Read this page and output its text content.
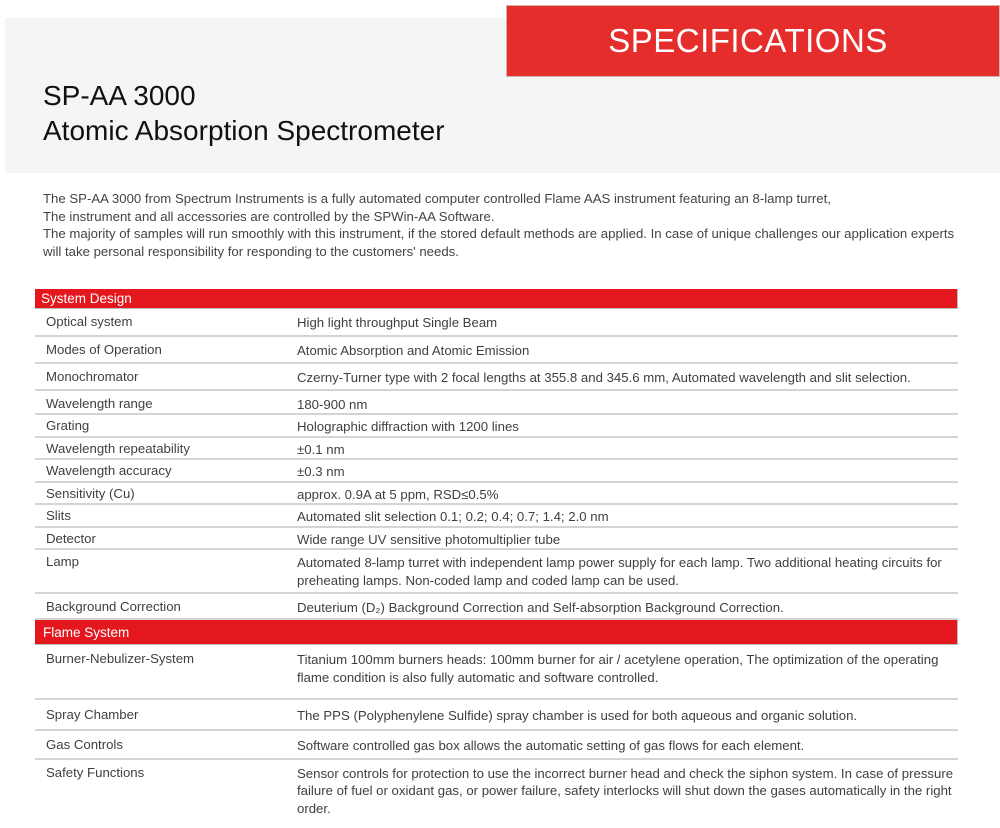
SPECIFICATIONS
SP-AA 3000
Atomic Absorption Spectrometer

The SP-AA 3000 from Spectrum Instruments is a fully automated computer controlled Flame AAS instrument featuring an 8-lamp turret,

The instrument and all accessories are controlled by the SPWin-AA Software.

The majority of samples will run smoothly with this instrument, if the stored default methods are applied. In case of unique challenges our application experts will take personal responsibility for responding to the customers' needs.

System Design	
Optical system	High light throughput Single Beam
Modes of Operation	Atomic Absorption and Atomic Emission
Monochromator	Czerny-Turner type with 2 focal lengths at 355.8 and 345.6 mm, Automated wavelength and slit selection.
Wavelength range	180-900 nm
Grating	Holographic diffraction with 1200 lines
Wavelength repeatability	±0.1 nm
Wavelength accuracy	±0.3 nm
Sensitivity (Cu)	approx. 0.9A at 5 ppm, RSD≤0.5%
Slits	Automated slit selection 0.1; 0.2; 0.4; 0.7; 1.4; 2.0 nm
Detector	Wide range UV sensitive photomultiplier tube
Lamp	Automated 8-lamp turret with independent lamp power supply for each lamp. Two additional heating circuits for preheating lamps. Non-coded lamp and coded lamp can be used.
Background Correction	Deuterium (D₂) Background Correction and Self-absorption Background Correction.
Flame System	
Burner-Nebulizer-System	Titanium 100mm burners heads: 100mm burner for air / acetylene operation, The optimization of the operating flame condition is also fully automatic and software controlled.
Spray Chamber	The PPS (Polyphenylene Sulfide) spray chamber is used for both aqueous and organic solution.
Gas Controls	Software controlled gas box allows the automatic setting of gas flows for each element.
Safety Functions	Sensor controls for protection to use the incorrect burner head and check the siphon system. In case of pressure failure of fuel or oxidant gas, or power failure, safety interlocks will shut down the gases automatically in the right order.
